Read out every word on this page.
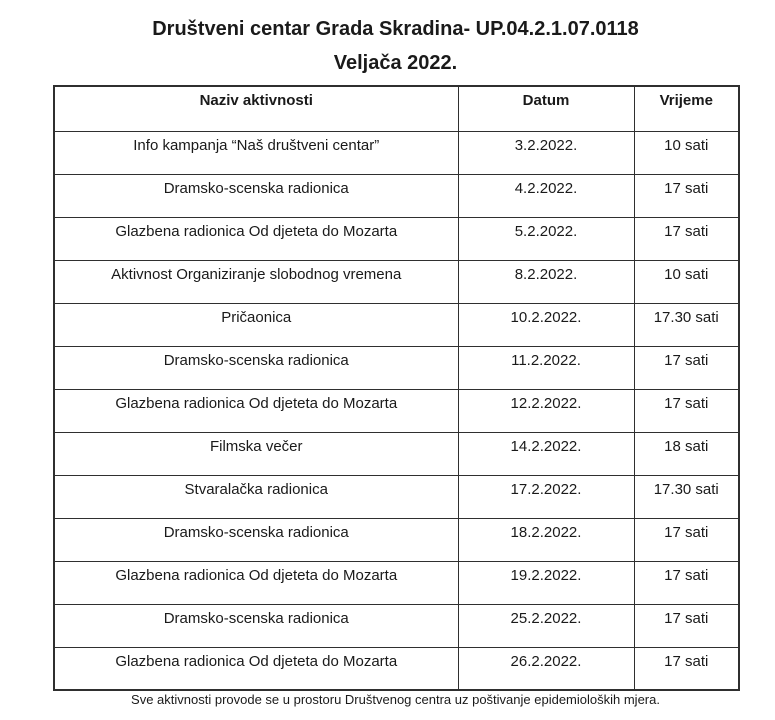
Društveni centar Grada Skradina- UP.04.2.1.07.0118
Veljača 2022.
Naziv aktivnosti	Datum	Vrijeme
Info kampanja “Naš društveni centar”	3.2.2022.	10 sati
Dramsko-scenska radionica	4.2.2022.	17 sati
Glazbena radionica Od djeteta do Mozarta	5.2.2022.	17 sati
Aktivnost Organiziranje slobodnog vremena	8.2.2022.	10 sati
Pričaonica	10.2.2022.	17.30 sati
Dramsko-scenska radionica	11.2.2022.	17 sati
Glazbena radionica Od djeteta do Mozarta	12.2.2022.	17 sati
Filmska večer	14.2.2022.	18 sati
Stvaralačka radionica	17.2.2022.	17.30 sati
Dramsko-scenska radionica	18.2.2022.	17 sati
Glazbena radionica Od djeteta do Mozarta	19.2.2022.	17 sati
Dramsko-scenska radionica	25.2.2022.	17 sati
Glazbena radionica Od djeteta do Mozarta	26.2.2022.	17 sati
Sve aktivnosti provode se u prostoru Društvenog centra uz poštivanje epidemioloških mjera.
